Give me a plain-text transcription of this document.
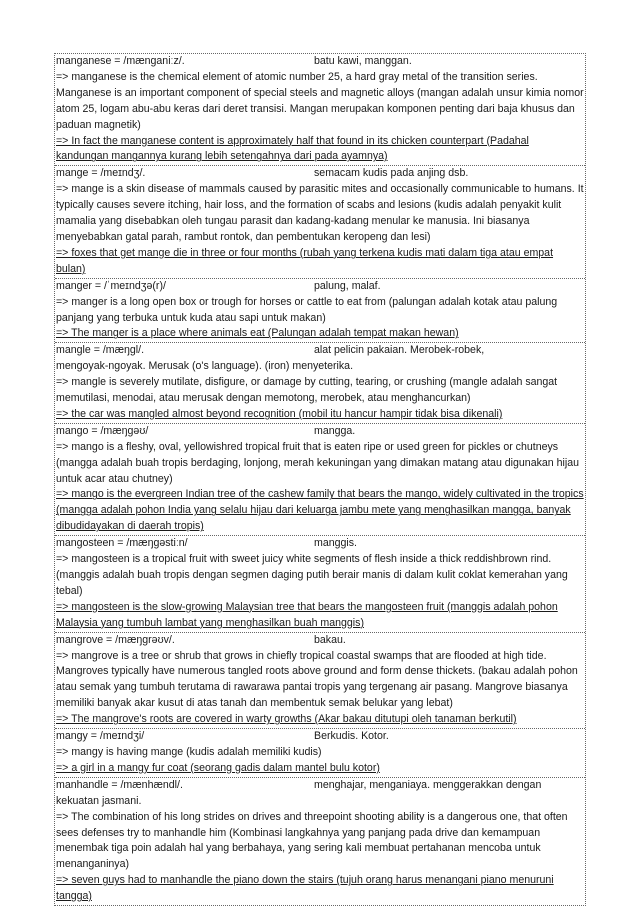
manganese = /mænɡaniːz/.	batu kawi, manggan.
=> manganese is the chemical element of atomic number 25, a hard gray metal of the transition series.
Manganese is an important component of special steels and magnetic alloys (mangan adalah unsur kimia nomor atom 25, logam abu-abu keras dari deret transisi. Mangan merupakan komponen penting dari baja khusus dan paduan magnetik)
=> In fact the manganese content is approximately half that found in its chicken counterpart (Padahal kandungan mangannya kurang lebih setengahnya dari pada ayamnya)
mange = /meɪndʒ/.	semacam kudis pada anjing dsb.
=> mange is a skin disease of mammals caused by parasitic mites and occasionally communicable to humans. It typically causes severe itching, hair loss, and the formation of scabs and lesions (kudis adalah penyakit kulit mamalia yang disebabkan oleh tungau parasit dan kadang-kadang menular ke manusia. Ini biasanya menyebabkan gatal parah, rambut rontok, dan pembentukan keropeng dan lesi)
=> foxes that get mange die in three or four months (rubah yang terkena kudis mati dalam tiga atau empat bulan)
manger = /ˈmeɪndʒə(r)/	palung, malaf.
=> manger is a long open box or trough for horses or cattle to eat from (palungan adalah kotak atau palung panjang yang terbuka untuk kuda atau sapi untuk makan)
=> The manger is a place where animals eat (Palungan adalah tempat makan hewan)
mangle = /mæŋɡl/.	alat pelicin pakaian. Merobek-robek,
mengoyak-ngoyak. Merusak (o's language). (iron) menyeterika.
=> mangle is severely mutilate, disfigure, or damage by cutting, tearing, or crushing (mangle adalah sangat memutilasi, menodai, atau merusak dengan memotong, merobek, atau menghancurkan)
=> the car was mangled almost beyond recognition (mobil itu hancur hampir tidak bisa dikenali)
mango = /mæŋɡəʊ/	mangga.
=> mango is a fleshy, oval, yellowishred tropical fruit that is eaten ripe or used green for pickles or chutneys (mangga adalah buah tropis berdaging, lonjong, merah kekuningan yang dimakan matang atau digunakan hijau untuk acar atau chutney)
=> mango is the evergreen Indian tree of the cashew family that bears the mango, widely cultivated in the tropics (mangga adalah pohon India yang selalu hijau dari keluarga jambu mete yang menghasilkan mangga, banyak dibudidayakan di daerah tropis)
mangosteen = /mæŋɡəstiːn/	manggis.
=> mangosteen is a tropical fruit with sweet juicy white segments of flesh inside a thick reddishbrown rind. (manggis adalah buah tropis dengan segmen daging putih berair manis di dalam kulit coklat kemerahan yang tebal)
=> mangosteen is the slow-growing Malaysian tree that bears the mangosteen fruit (manggis adalah pohon Malaysia yang tumbuh lambat yang menghasilkan buah manggis)
mangrove = /mæŋɡrəʊv/.	bakau.
=> mangrove is a tree or shrub that grows in chiefly tropical coastal swamps that are flooded at high tide. Mangroves typically have numerous tangled roots above ground and form dense thickets. (bakau adalah pohon atau semak yang tumbuh terutama di rawarawa pantai tropis yang tergenang air pasang. Mangrove biasanya memiliki banyak akar kusut di atas tanah dan membentuk semak belukar yang lebat)
=> The mangrove's roots are covered in warty growths (Akar bakau ditutupi oleh tanaman berkutil)
mangy = /meɪndʒi/	Berkudis. Kotor.
=> mangy is having mange (kudis adalah memiliki kudis)
=> a girl in a mangy fur coat (seorang gadis dalam mantel bulu kotor)
manhandle = /mænhændl/.	menghajar, menganiaya. menggerakkan dengan
kekuatan jasmani.
=> The combination of his long strides on drives and threepoint shooting ability is a dangerous one, that often sees defenses try to manhandle him (Kombinasi langkahnya yang panjang pada drive dan kemampuan menembak tiga poin adalah hal yang berbahaya, yang sering kali membuat pertahanan mencoba untuk menanganinya)
=> seven guys had to manhandle the piano down the stairs (tujuh orang harus menangani piano menuruni tangga)
